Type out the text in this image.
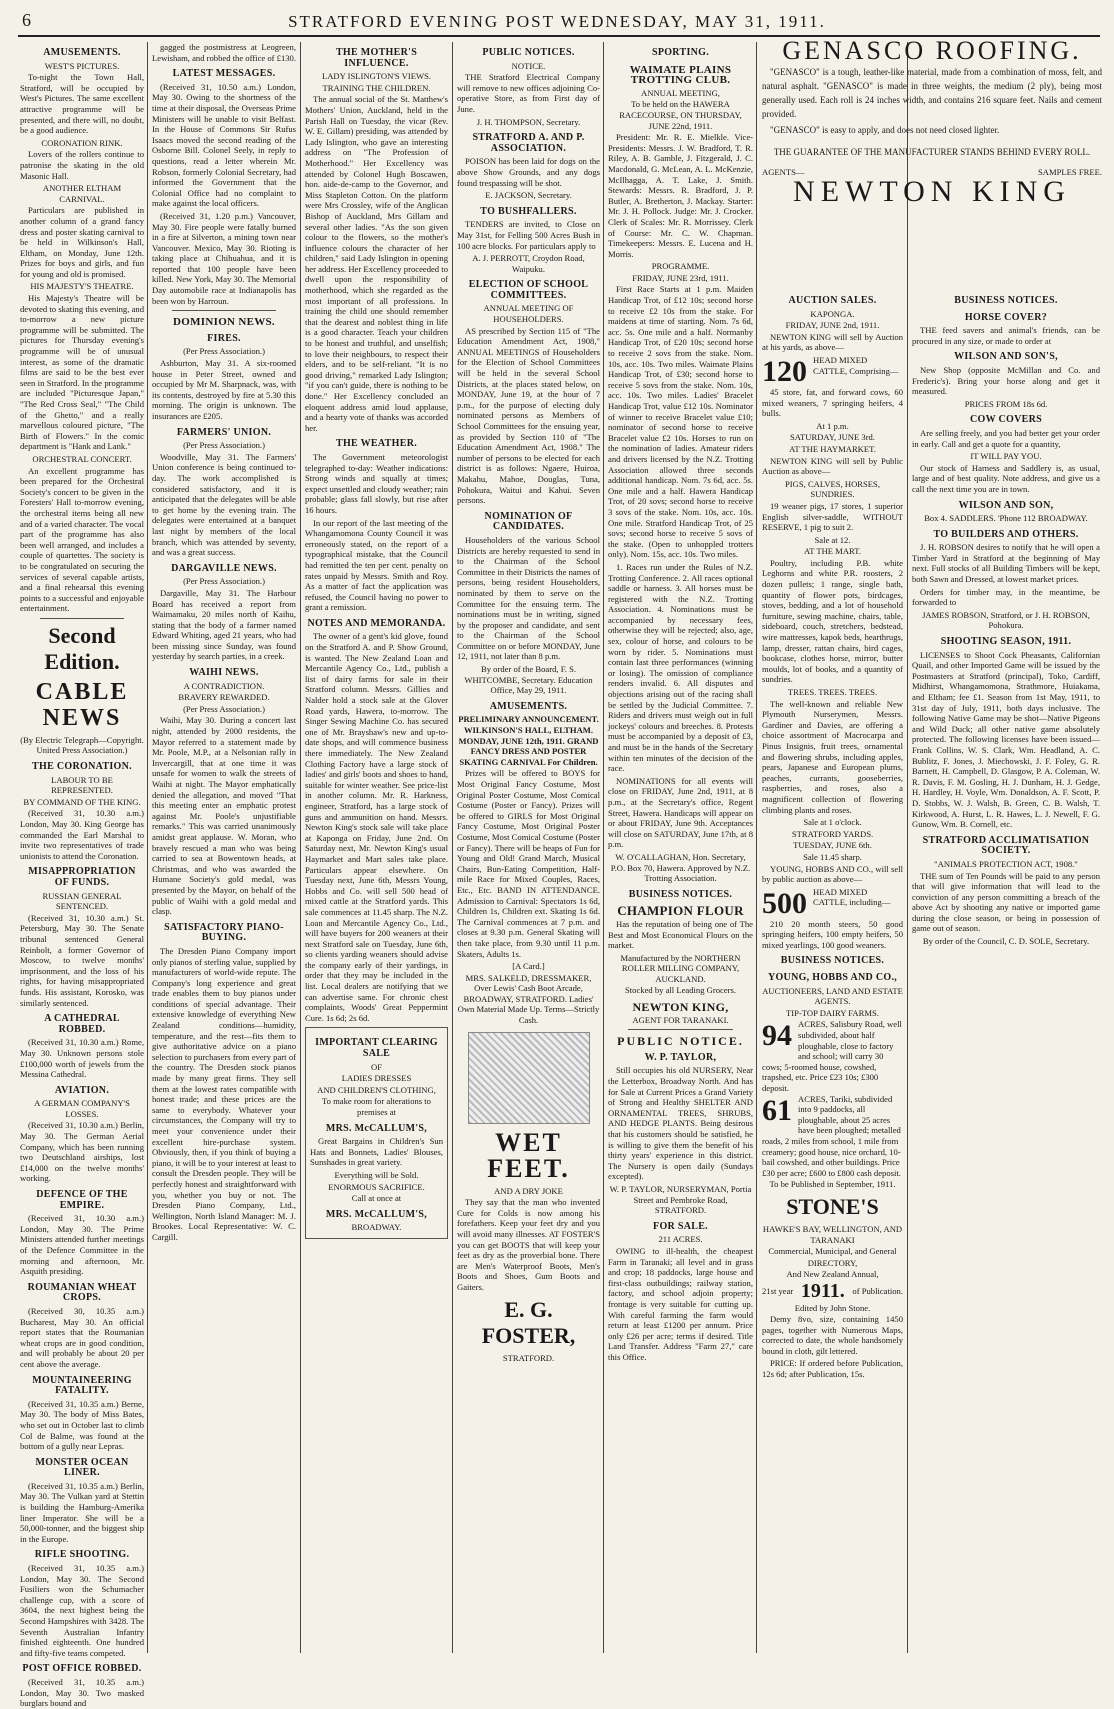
6	STRATFORD EVENING POST WEDNESDAY, MAY 31, 1911.
AMUSEMENTS.
WEST'S PICTURES.

To-night the Town Hall, Stratford, will be occupied by West's Pictures. The same excellent attractive programme will be presented, and there will, no doubt, be a good audience.

CORONATION RINK.

Lovers of the rollers continue to patronise the skating in the old Masonic Hall.

ANOTHER ELTHAM CARNIVAL.

Particulars are published in another column of a grand fancy dress and poster skating carnival to be held in Wilkinson's Hall, Eltham, on Monday, June 12th. Prizes for boys and girls, and fun for young and old is promised.

HIS MAJESTY'S THEATRE.

His Majesty's Theatre will be devoted to skating this evening, and to-morrow a new picture programme will be submitted. The pictures for Thursday evening's programme will be of unusual interest, as some of the dramatic films are said to be the best ever seen in Stratford. In the programme are included "Picturesque Japan," "The Red Cross Seal," "The Child of the Ghetto," and a really marvellous coloured picture, "The Birth of Flowers." In the comic department is "Hank and Lank."

ORCHESTRAL CONCERT.

An excellent programme has been prepared for the Orchestral Society's concert to be given in the Foresters' Hall to-morrow evening, the orchestral items being all new and of a varied character. The vocal part of the programme has also been well arranged, and includes a couple of quartettes. The society is to be congratulated on securing the services of several capable artists, and a final rehearsal this evening points to a successful and enjoyable entertainment.

Second Edition.
CABLE NEWS
(By Electric Telegraph—Copyright. United Press Association.)
THE CORONATION.
LABOUR TO BE REPRESENTED.
BY COMMAND OF THE KING.

(Received 31, 10.30 a.m.) London, May 30. King George has commanded the Earl Marshal to invite two representatives of trade unionists to attend the Coronation.

MISAPPROPRIATION OF FUNDS.
RUSSIAN GENERAL SENTENCED.

(Received 31, 10.30 a.m.) St. Petersburg, May 30. The Senate tribunal sentenced General Reinbolt, a former Governor of Moscow, to twelve months' imprisonment, and the loss of his rights, for having misappropriated funds. His assistant, Korosko, was similarly sentenced.

A CATHEDRAL ROBBED.

(Received 31, 10.30 a.m.) Rome, May 30. Unknown persons stole £100,000 worth of jewels from the Messina Cathedral.

AVIATION.
A GERMAN COMPANY'S LOSSES.

(Received 31, 10.30 a.m.) Berlin, May 30. The German Aerial Company, which has been running two Deutschland airships, lost £14,000 on the twelve months' working.

DEFENCE OF THE EMPIRE.

(Received 31, 10.30 a.m.) London, May 30. The Prime Ministers attended further meetings of the Defence Committee in the morning and afternoon, Mr. Asquith presiding.

ROUMANIAN WHEAT CROPS.

(Received 30, 10.35 a.m.) Bucharest, May 30. An official report states that the Roumanian wheat crops are in good condition, and will probably be about 20 per cent above the average.

MOUNTAINEERING FATALITY.

(Received 31, 10.35 a.m.) Berne, May 30. The body of Miss Bates, who set out in October last to climb Col de Balme, was found at the bottom of a gully near Lepras.

MONSTER OCEAN LINER.

(Received 31, 10.35 a.m.) Berlin, May 30. The Vulkan yard at Stettin is building the Hamburg-Amerika liner Imperator. She will be a 50,000-tonner, and the biggest ship in the Europe.

RIFLE SHOOTING.

(Received 31, 10.35 a.m.) London, May 30. The Second Fusiliers won the Schumacher challenge cup, with a score of 3604, the next highest being the Second Hampshires with 3428. The Seventh Australian Infantry finished eighteenth. One hundred and fifty-five teams competed.

POST OFFICE ROBBED.

(Received 31, 10.35 a.m.) London, May 30. Two masked burglars bound and

gagged the postmistress at Leogreen, Lewisham, and robbed the office of £130.

LATEST MESSAGES.

(Received 31, 10.50 a.m.) London, May 30. Owing to the shortness of the time at their disposal, the Overseas Prime Ministers will be unable to visit Belfast. In the House of Commons Sir Rufus Isaacs moved the second reading of the Osborne Bill. Colonel Seely, in reply to questions, read a letter wherein Mr. Robson, formerly Colonial Secretary, had informed the Government that the Colonial Office had no complaint to make against the local officers.

(Received 31, 1.20 p.m.) Vancouver, May 30. Fire people were fatally burned in a fire at Silverton, a mining town near Vancouver. Mexico, May 30. Rioting is taking place at Chihuahua, and it is reported that 100 people have been killed. New York, May 30. The Memorial Day automobile race at Indianapolis has been won by Harroun.

DOMINION NEWS.
FIRES.
(Per Press Association.)

Ashburton, May 31. A six-roomed house in Peter Street, owned and occupied by Mr M. Sharpnack, was, with its contents, destroyed by fire at 5.30 this morning. The origin is unknown. The insurances are £205.

FARMERS' UNION.
(Per Press Association.)

Woodville, May 31. The Farmers' Union conference is being continued to-day. The work accomplished is considered satisfactory, and it is anticipated that the delegates will be able to get home by the evening train. The delegates were entertained at a banquet last night by members of the local branch, which was attended by seventy, and was a great success.

DARGAVILLE NEWS.
(Per Press Association.)

Dargaville, May 31. The Harbour Board has received a report from Waimamaku, 20 miles north of Kaihu, stating that the body of a farmer named Edward Whiting, aged 21 years, who had been missing since Sunday, was found yesterday by search parties, in a creek.

WAIHI NEWS.
A CONTRADICTION.
BRAVERY REWARDED.
(Per Press Association.)

Waihi, May 30. During a concert last night, attended by 2000 residents, the Mayor referred to a statement made by Mr. Poole, M.P., at a Nelsonian rally in Invercargill, that at one time it was unsafe for women to walk the streets of Waihi at night. The Mayor emphatically denied the allegation, and moved "That this meeting enter an emphatic protest against Mr. Poole's unjustifiable remarks." This was carried unanimously amidst great applause. W. Moran, who bravely rescued a man who was being carried to sea at Bowentown heads, at Christmas, and who was awarded the Humane Society's gold medal, was presented by the Mayor, on behalf of the public of Waihi with a gold medal and clasp.

SATISFACTORY PIANO-BUYING.

The Dresden Piano Company import only pianos of sterling value, supplied by manufacturers of world-wide repute. The Company's long experience and great trade enables them to buy pianos under conditions of special advantage. Their extensive knowledge of everything New Zealand conditions—humidity, temperature, and the rest—fits them to give authoritative advice on a piano selection to purchasers from every part of the country. The Dresden stock pianos made by many great firms. They sell them at the lowest rates compatible with honest trade; and these prices are the same to everybody. Whatever your circumstances, the Company will try to meet your convenience under their excellent hire-purchase system. Obviously, then, if you think of buying a piano, it will be to your interest at least to consult the Dresden people. They will be perfectly honest and straightforward with you, whether you buy or not. The Dresden Piano Company, Ltd., Wellington, North Island Manager: M. J. Brookes. Local Representative: W. C. Cargill.

THE MOTHER'S INFLUENCE.
LADY ISLINGTON'S VIEWS.
TRAINING THE CHILDREN.

The annual social of the St. Matthew's Mothers' Union, Auckland, held in the Parish Hall on Tuesday, the vicar (Rev. W. E. Gillam) presiding, was attended by Lady Islington, who gave an interesting address on "The Profession of Motherhood." Her Excellency was attended by Colonel Hugh Boscawen, hon. aide-de-camp to the Governor, and Miss Stapleton Cotton. On the platform were Mrs Crossley, wife of the Anglican Bishop of Auckland, Mrs Gillam and several other ladies. "As the son given colour to the flowers, so the mother's influence colours the character of her children," said Lady Islington in opening her address. Her Excellency proceeded to dwell upon the responsibility of motherhood, which she regarded as the most important of all professions. In training the child one should remember that the dearest and noblest thing in life is a good character. Teach your children to be honest and truthful, and unselfish; to love their neighbours, to respect their elders, and to be self-reliant. "It is no good driving," remarked Lady Islington; "if you can't guide, there is nothing to be done." Her Excellency concluded an eloquent address amid loud applause, and a hearty vote of thanks was accorded her.

THE WEATHER.

The Government meteorologist telegraphed to-day: Weather indications: Strong winds and squally at times; expect unsettled and cloudy weather; rain probable; glass fall slowly, but rise after 16 hours.

In our report of the last meeting of the Whangamomona County Council it was erroneously stated, on the report of a typographical mistake, that the Council had remitted the ten per cent. penalty on rates unpaid by Messrs. Smith and Roy. As a matter of fact the application was refused, the Council having no power to grant a remission.

NOTES AND MEMORANDA.

The owner of a gent's kid glove, found on the Stratford A. and P. Show Ground, is wanted. The New Zealand Loan and Mercantile Agency Co., Ltd., publish a list of dairy farms for sale in their Stratford column. Messrs. Gillies and Nalder hold a stock sale at the Glover Road yards, Hawera, to-morrow. The Singer Sewing Machine Co. has secured one of Mr. Brayshaw's new and up-to-date shops, and will commence business there immediately. The New Zealand Clothing Factory have a large stock of ladies' and girls' boots and shoes to hand, suitable for winter weather. See price-list in another column. Mr. R. Harkness, engineer, Stratford, has a large stock of guns and ammunition on hand. Messrs. Newton King's stock sale will take place at Kaponga on Friday, June 2nd. On Saturday next, Mr. Newton King's usual Haymarket and Mart sales take place. Particulars appear elsewhere. On Tuesday next, June 6th, Messrs Young, Hobbs and Co. will sell 500 head of mixed cattle at the Stratford yards. This sale commences at 11.45 sharp. The N.Z. Loan and Mercantile Agency Co., Ltd., will have buyers for 200 weaners at their next Stratford sale on Tuesday, June 6th, so clients yarding weaners should advise the company early of their yardings, in order that they may be included in the list. Local dealers are notifying that we can advertise same. For chronic chest complaints, Woods' Great Peppermint Cure. 1s 6d; 2s 6d.

IMPORTANT CLEARING SALE
OF
LADIES DRESSES
AND CHILDREN'S CLOTHING,
To make room for alterations to premises at
MRS. McCALLUM'S,

Great Bargains in Children's Sun Hats and Bonnets, Ladies' Blouses, Sunshades in great variety.

Everything will be Sold.
ENORMOUS SACRIFICE.
Call at once at
MRS. McCALLUM'S,
BROADWAY.
PUBLIC NOTICES.
NOTICE.

THE Stratford Electrical Company will remove to new offices adjoining Co-operative Store, as from First day of June.

J. H. THOMPSON, Secretary.
STRATFORD A. AND P. ASSOCIATION.

POISON has been laid for dogs on the above Show Grounds, and any dogs found trespassing will be shot.

E. JACKSON, Secretary.
TO BUSHFALLERS.

TENDERS are invited, to Close on May 31st, for Felling 500 Acres Bush in 100 acre blocks. For particulars apply to

A. J. PERROTT, Croydon Road, Waipuku.
ELECTION OF SCHOOL COMMITTEES.
ANNUAL MEETING OF HOUSEHOLDERS.

AS prescribed by Section 115 of "The Education Amendment Act, 1908," ANNUAL MEETINGS of Householders for the Election of School Committees will be held in the several School Districts, at the places stated below, on MONDAY, June 19, at the hour of 7 p.m., for the purpose of electing duly nominated persons as Members of School Committees for the ensuing year, as provided by Section 110 of "The Education Amendment Act, 1908." The number of persons to be elected for each district is as follows: Ngaere, Huiroa, Makahu, Mahoe, Douglas, Tuna, Pohokura, Waitui and Kahui. Seven persons.

NOMINATION OF CANDIDATES.

Householders of the various School Districts are hereby requested to send in to the Chairman of the School Committee in their Districts the names of persons, being resident Householders, nominated by them to serve on the Committee for the ensuing term. The nominations must be in writing, signed by the proposer and candidate, and sent to the Chairman of the School Committee on or before MONDAY, June 12, 1911, not later than 8 p.m.

By order of the Board, F. S. WHITCOMBE, Secretary. Education Office, May 29, 1911.
AMUSEMENTS.
PRELIMINARY ANNOUNCEMENT. WILKINSON'S HALL, ELTHAM. MONDAY, JUNE 12th, 1911. GRAND FANCY DRESS AND POSTER SKATING CARNIVAL For Children.

Prizes will be offered to BOYS for Most Original Fancy Costume, Most Original Poster Costume, Most Comical Costume (Poster or Fancy). Prizes will be offered to GIRLS for Most Original Fancy Costume, Most Original Poster Costume, Most Comical Costume (Poster or Fancy). There will be heaps of Fun for Young and Old! Grand March, Musical Chairs, Bun-Eating Competition, Half-mile Race for Mixed Couples, Races, Etc., Etc. BAND IN ATTENDANCE. Admission to Carnival: Spectators 1s 6d, Children 1s, Children ext. Skating 1s 6d. The Carnival commences at 7 p.m. and closes at 9.30 p.m. General Skating will then take place, from 9.30 until 11 p.m. Skaters, Adults 1s.

[A Card.]
MRS. SALKELD, DRESSMAKER, Over Lewis' Cash Boot Arcade, BROADWAY, STRATFORD. Ladies' Own Material Made Up. Terms—Strictly Cash.
WET FEET.
AND A DRY JOKE

They say that the man who invented Cure for Colds is now among his forefathers. Keep your feet dry and you will avoid many illnesses. AT FOSTER'S you can get BOOTS that will keep your feet as dry as the proverbial bone. There are Men's Waterproof Boots, Men's Boots and Shoes, Gum Boots and Gaiters.

E. G. FOSTER,
STRATFORD.
SPORTING.
WAIMATE PLAINS TROTTING CLUB.
ANNUAL MEETING,
To be held on the HAWERA RACECOURSE, ON THURSDAY, JUNE 22nd, 1911.

President: Mr. R. E. Mielkle. Vice-Presidents: Messrs. J. W. Bradford, T. R. Riley, A. B. Gamble, J. Fitzgerald, J. C. Macdonald, G. McLean, A. L. McKenzie, McIlhagga, A. T. Lake, J. Smith. Stewards: Messrs. R. Bradford, J. P. Butler, A. Bretherton, J. Mackay. Starter: Mr. J. H. Pollock. Judge: Mr. J. Crocker. Clerk of Scales: Mr. R. Morrissey. Clerk of Course: Mr. C. W. Chapman. Timekeepers: Messrs. E. Lucena and H. Morris.

PROGRAMME.
FRIDAY, JUNE 23rd, 1911.

First Race Starts at 1 p.m. Maiden Handicap Trot, of £12 10s; second horse to receive £2 10s from the stake. For maidens at time of starting. Nom. 7s 6d, acc. 5s. One mile and a half. Normanby Handicap Trot, of £20 10s; second horse to receive 2 sovs from the stake. Nom. 10s, acc. 10s. Two miles. Waimate Plains Handicap Trot, of £30; second horse to receive 5 sovs from the stake. Nom. 10s, acc. 10s. Two miles. Ladies' Bracelet Handicap Trot, value £12 10s. Nominator of winner to receive Bracelet value £10; nominator of second horse to receive Bracelet value £2 10s. Horses to run on the nomination of ladies. Amateur riders and drivers licensed by the N.Z. Trotting Association allowed three seconds additional handicap. Nom. 7s 6d, acc. 5s. One mile and a half. Hawera Handicap Trot, of 20 sovs; second horse to receive 3 sovs of the stake. Nom. 10s, acc. 10s. One mile. Stratford Handicap Trot, of 25 sovs; second horse to receive 5 sovs of the stake. (Open to unhoppled trotters only). Nom. 15s, acc. 10s. Two miles.

1. Races run under the Rules of N.Z. Trotting Conference. 2. All races optional saddle or harness. 3. All horses must be registered with the N.Z. Trotting Association. 4. Nominations must be accompanied by necessary fees, otherwise they will be rejected; also, age, sex, colour of horse, and colours to be worn by rider. 5. Nominations must contain last three performances (winning or losing). The omission of compliance renders invalid. 6. All disputes and objections arising out of the racing shall be settled by the Judicial Committee. 7. Riders and drivers must weigh out in full jockeys' colours and breeches. 8. Protests must be accompanied by a deposit of £3, and must be in the hands of the Secretary within ten minutes of the decision of the race.

NOMINATIONS for all events will close on FRIDAY, June 2nd, 1911, at 8 p.m., at the Secretary's office, Regent Street, Hawera. Handicaps will appear on or about FRIDAY, June 9th. Acceptances will close on SATURDAY, June 17th, at 8 p.m.

W. O'CALLAGHAN, Hon. Secretary, P.O. Box 70, Hawera. Approved by N.Z. Trotting Association.
BUSINESS NOTICES.
CHAMPION FLOUR

Has the reputation of being one of The Best and Most Economical Flours on the market.

Manufactured by the NORTHERN ROLLER MILLING COMPANY, AUCKLAND.
Stocked by all Leading Grocers.
NEWTON KING,
AGENT FOR TARANAKI.
PUBLIC NOTICE.
W. P. TAYLOR,

Still occupies his old NURSERY, Near the Letterbox, Broadway North. And has for Sale at Current Prices a Grand Variety of Strong and Healthy SHELTER AND ORNAMENTAL TREES, SHRUBS, AND HEDGE PLANTS. Being desirous that his customers should be satisfied, he is willing to give them the benefit of his thirty years' experience in this district. The Nursery is open daily (Sundays excepted).

W. P. TAYLOR, NURSERYMAN, Portia Street and Pembroke Road, STRATFORD.
FOR SALE.
211 ACRES.

OWING to ill-health, the cheapest Farm in Taranaki; all level and in grass and crop; 18 paddocks, large house and first-class outbuildings; railway station, factory, and school adjoin property; frontage is very suitable for cutting up. With careful farming the farm would return at least £1200 per annum. Price only £26 per acre; terms if desired. Title Land Transfer. Address "Farm 27," care this Office.

GENASCO ROOFING.

"GENASCO" is a tough, leather-like material, made from a combination of moss, felt, and natural asphalt. "GENASCO" is made in three weights, the medium (2 ply), being most generally used. Each roll is 24 inches width, and contains 216 square feet. Nails and cement provided.

"GENASCO" is easy to apply, and does not need closed lighter.

THE GUARANTEE OF THE MANUFACTURER STANDS BEHIND EVERY ROLL.
AGENTS—	SAMPLES FREE.
NEWTON KING
AUCTION SALES.
KAPONGA.
FRIDAY, JUNE 2nd, 1911.

NEWTON KING will sell by Auction at his yards, as above—

120 HEAD MIXED CATTLE, Comprising—

45 store, fat, and forward cows, 60 mixed weaners, 7 springing heifers, 4 bulls.

At 1 p.m.
SATURDAY, JUNE 3rd.
AT THE HAYMARKET.

NEWTON KING will sell by Public Auction as above—

PIGS, CALVES, HORSES, SUNDRIES.

19 weaner pigs, 17 stores, 1 superior English silver-saddle, WITHOUT RESERVE, 1 pig to suit 2.

Sale at 12.
AT THE MART.

Poultry, including P.B. white Leghorns and white P.R. roosters, 2 dozen pullets; 1 range, single bath, quantity of flower pots, birdcages, stoves, bedding, and a lot of household furniture, sewing machine, chairs, table, sideboard, couch, stretchers, bedstead, wire mattresses, kapok beds, hearthrugs, lamp, dresser, rattan chairs, bird cages, bookcase, clothes horse, mirror, butter moulds, lot of books, and a quantity of sundries.

TREES. TREES. TREES.

The well-known and reliable New Plymouth Nurserymen, Messrs. Gardiner and Davies, are offering a choice assortment of Macrocarpa and Pinus Insignis, fruit trees, ornamental and flowering shrubs, including apples, pears, Japanese and European plums, peaches, currants, gooseberries, raspberries, and roses, also a magnificent collection of flowering climbing plants and roses.

Sale at 1 o'clock.
STRATFORD YARDS.
TUESDAY, JUNE 6th.
Sale 11.45 sharp.

YOUNG, HOBBS AND CO., will sell by public auction as above—

500 HEAD MIXED CATTLE, including—

210 20 month steers, 50 good springing heifers, 100 empty heifers, 50 mixed yearlings, 100 good weaners.

BUSINESS NOTICES.
YOUNG, HOBBS AND CO.,
AUCTIONEERS, LAND AND ESTATE AGENTS.
TIP-TOP DAIRY FARMS.
94 ACRES, Salisbury Road, well subdivided, about half ploughable, close to factory and school; will carry 30 cows; 5-roomed house, cowshed, trapshed, etc. Price £23 10s; £300 deposit.
61 ACRES, Tariki, subdivided into 9 paddocks, all ploughable, about 25 acres have been ploughed; metalled roads, 2 miles from school, 1 mile from creamery; good house, nice orchard, 10-bail cowshed, and other buildings. Price £30 per acre; £600 to £800 cash deposit.
To be Published in September, 1911.
STONE'S
HAWKE'S BAY, WELLINGTON, AND TARANAKI
Commercial, Municipal, and General
DIRECTORY,
And New Zealand Annual,
21st year 1911. of Publication.
Edited by John Stone.

Demy 8vo, size, containing 1450 pages, together with Numerous Maps, corrected to date, the whole handsomely bound in cloth, gilt lettered.

PRICE: If ordered before Publication, 12s 6d; after Publication, 15s.

BUSINESS NOTICES.
HORSE COVER?

THE feed savers and animal's friends, can be procured in any size, or made to order at

WILSON AND SON'S,

New Shop (opposite McMillan and Co. and Frederic's). Bring your horse along and get it measured.

PRICES FROM 18s 6d.
COW COVERS

Are selling freely, and you had better get your order in early. Call and get a quote for a quantity,

IT WILL PAY YOU.

Our stock of Harness and Saddlery is, as usual, large and of best quality. Note address, and give us a call the next time you are in town.

WILSON AND SON,
Box 4. SADDLERS. 'Phone 112 BROADWAY.
TO BUILDERS AND OTHERS.

J. H. ROBSON desires to notify that he will open a Timber Yard in Stratford at the beginning of May next. Full stocks of all Building Timbers will be kept, both Sawn and Dressed, at lowest market prices.

Orders for timber may, in the meantime, be forwarded to

JAMES ROBSON, Stratford, or J. H. ROBSON, Pohokura.
SHOOTING SEASON, 1911.

LICENSES to Shoot Cock Pheasants, Californian Quail, and other Imported Game will be issued by the Postmasters at Stratford (principal), Toko, Cardiff, Midhirst, Whangamomona, Strathmore, Huiakama, and Eltham; fee £1. Season from 1st May, 1911, to 31st day of July, 1911, both days inclusive. The following Native Game may be shot—Native Pigeons and Wild Duck; all other native game absolutely protected. The following licenses have been issued—Frank Collins, W. S. Clark, Wm. Headland, A. C. Bublitz, F. Jones, J. Miechowski, J. F. Foley, G. R. Barnett, H. Campbell, D. Glasgow, P. A. Coleman, W. R. Davis, F. M. Gosling, H. J. Dunham, H. J. Gedge, H. Hardley, H. Voyle, Wm. Donaldson, A. F. Scott, P. D. Stobbs, W. J. Walsh, B. Green, C. B. Walsh, T. Kirkwood, A. Hurst, L. R. Hawes, L. J. Newell, F. G. Gunow, Wm. B. Cornell, etc.

STRATFORD ACCLIMATISATION SOCIETY.
"ANIMALS PROTECTION ACT, 1908."

THE sum of Ten Pounds will be paid to any person that will give information that will lead to the conviction of any person committing a breach of the above Act by shooting any native or imported game during the close season, or being in possession of game out of season.

By order of the Council, C. D. SOLE, Secretary.
